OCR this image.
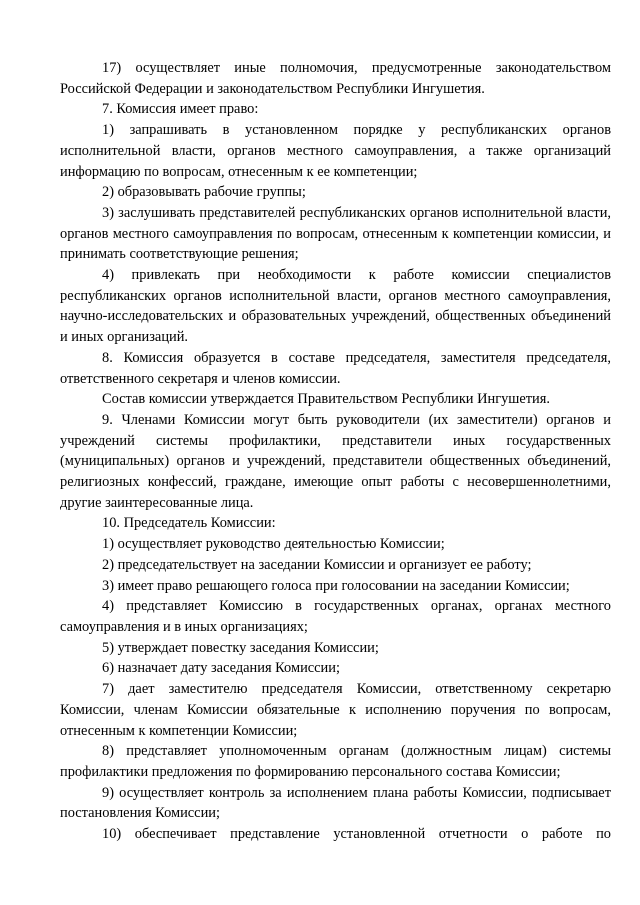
17) осуществляет иные полномочия, предусмотренные законодательством Российской Федерации и законодательством Республики Ингушетия.

7. Комиссия имеет право:

1) запрашивать в установленном порядке у республиканских органов исполнительной власти, органов местного самоуправления, а также организаций информацию по вопросам, отнесенным к ее компетенции;

2) образовывать рабочие группы;

3) заслушивать представителей республиканских органов исполнительной власти, органов местного самоуправления по вопросам, отнесенным к компетенции комиссии, и принимать соответствующие решения;

4) привлекать при необходимости к работе комиссии специалистов республиканских органов исполнительной власти, органов местного самоуправления, научно-исследовательских и образовательных учреждений, общественных объединений и иных организаций.

8. Комиссия образуется в составе председателя, заместителя председателя, ответственного секретаря и членов комиссии.

Состав комиссии утверждается Правительством Республики Ингушетия.

9. Членами Комиссии могут быть руководители (их заместители) органов и учреждений системы профилактики, представители иных государственных (муниципальных) органов и учреждений, представители общественных объединений, религиозных конфессий, граждане, имеющие опыт работы с несовершеннолетними, другие заинтересованные лица.

10. Председатель Комиссии:

1) осуществляет руководство деятельностью Комиссии;

2) председательствует на заседании Комиссии и организует ее работу;

3) имеет право решающего голоса при голосовании на заседании Комиссии;

4) представляет Комиссию в государственных органах, органах местного самоуправления и в иных организациях;

5) утверждает повестку заседания Комиссии;

6) назначает дату заседания Комиссии;

7) дает заместителю председателя Комиссии, ответственному секретарю Комиссии, членам Комиссии обязательные к исполнению поручения по вопросам, отнесенным к компетенции Комиссии;

8) представляет уполномоченным органам (должностным лицам) системы профилактики предложения по формированию персонального состава Комиссии;

9) осуществляет контроль за исполнением плана работы Комиссии, подписывает постановления Комиссии;

10) обеспечивает представление установленной отчетности о работе по
